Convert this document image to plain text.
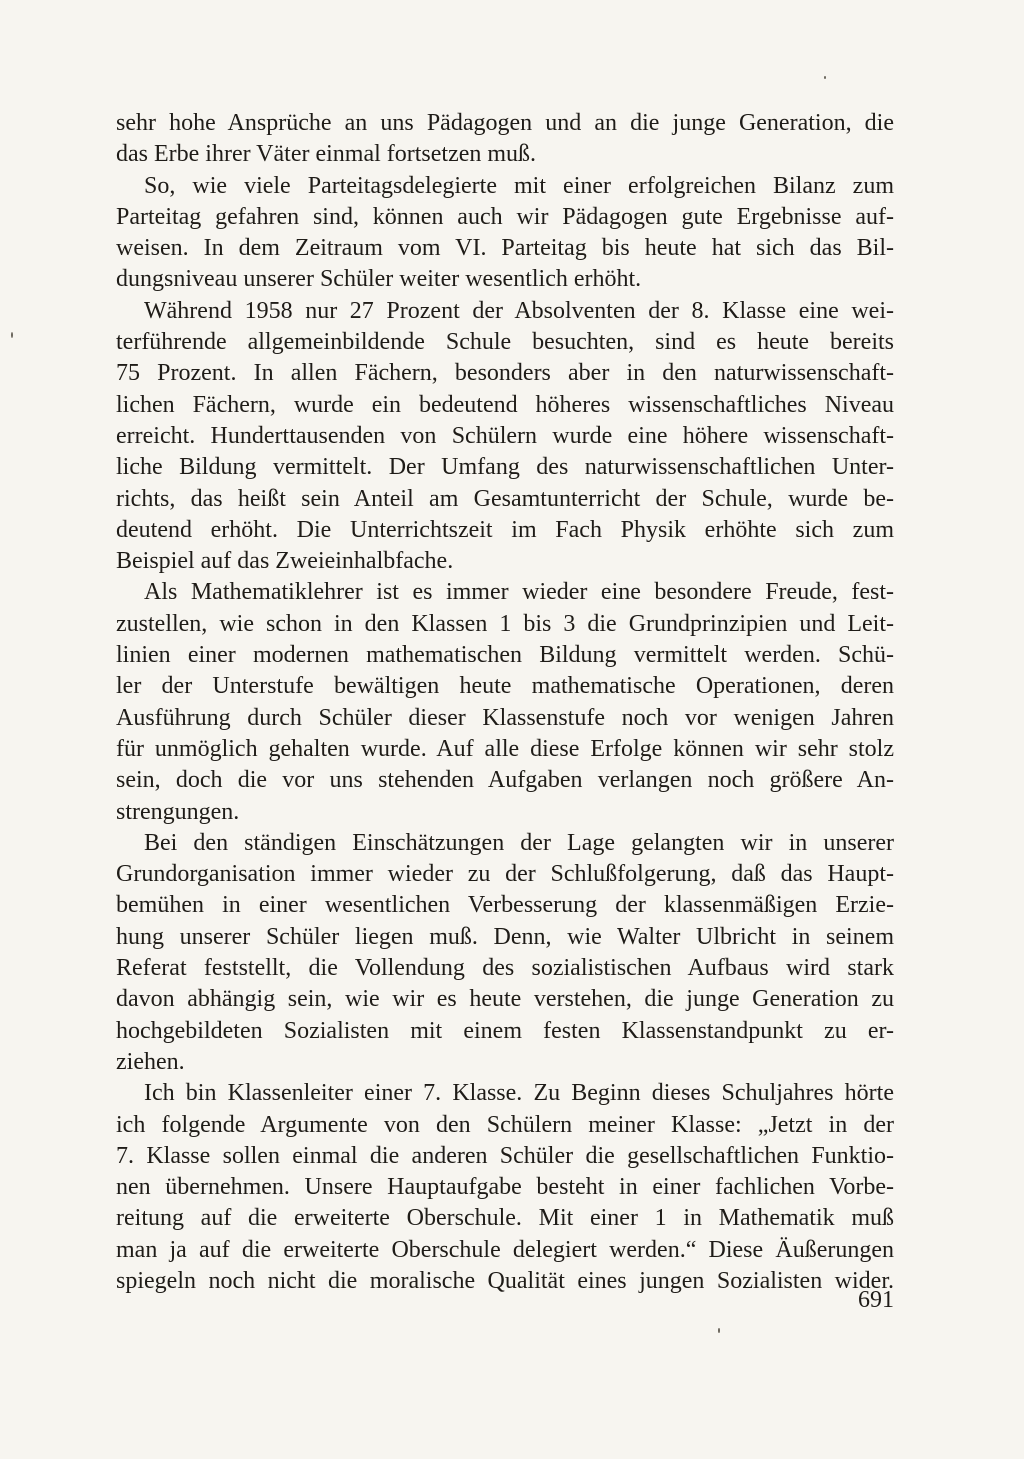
sehr hohe Ansprüche an uns Pädagogen und an die junge Generation, die
das Erbe ihrer Väter einmal fortsetzen muß.
So, wie viele Parteitagsdelegierte mit einer erfolgreichen Bilanz zum
Parteitag gefahren sind, können auch wir Pädagogen gute Ergebnisse auf-
weisen. In dem Zeitraum vom VI. Parteitag bis heute hat sich das Bil-
dungsniveau unserer Schüler weiter wesentlich erhöht.
Während 1958 nur 27 Prozent der Absolventen der 8. Klasse eine wei-
terführende allgemeinbildende Schule besuchten, sind es heute bereits
75 Prozent. In allen Fächern, besonders aber in den naturwissenschaft-
lichen Fächern, wurde ein bedeutend höheres wissenschaftliches Niveau
erreicht. Hunderttausenden von Schülern wurde eine höhere wissenschaft-
liche Bildung vermittelt. Der Umfang des naturwissenschaftlichen Unter-
richts, das heißt sein Anteil am Gesamtunterricht der Schule, wurde be-
deutend erhöht. Die Unterrichtszeit im Fach Physik erhöhte sich zum
Beispiel auf das Zweieinhalbfache.
Als Mathematiklehrer ist es immer wieder eine besondere Freude, fest-
zustellen, wie schon in den Klassen 1 bis 3 die Grundprinzipien und Leit-
linien einer modernen mathematischen Bildung vermittelt werden. Schü-
ler der Unterstufe bewältigen heute mathematische Operationen, deren
Ausführung durch Schüler dieser Klassenstufe noch vor wenigen Jahren
für unmöglich gehalten wurde. Auf alle diese Erfolge können wir sehr stolz
sein, doch die vor uns stehenden Aufgaben verlangen noch größere An-
strengungen.
Bei den ständigen Einschätzungen der Lage gelangten wir in unserer
Grundorganisation immer wieder zu der Schlußfolgerung, daß das Haupt-
bemühen in einer wesentlichen Verbesserung der klassenmäßigen Erzie-
hung unserer Schüler liegen muß. Denn, wie Walter Ulbricht in seinem
Referat feststellt, die Vollendung des sozialistischen Aufbaus wird stark
davon abhängig sein, wie wir es heute verstehen, die junge Generation zu
hochgebildeten Sozialisten mit einem festen Klassenstandpunkt zu er-
ziehen.
Ich bin Klassenleiter einer 7. Klasse. Zu Beginn dieses Schuljahres hörte
ich folgende Argumente von den Schülern meiner Klasse: „Jetzt in der
7. Klasse sollen einmal die anderen Schüler die gesellschaftlichen Funktio-
nen übernehmen. Unsere Hauptaufgabe besteht in einer fachlichen Vorbe-
reitung auf die erweiterte Oberschule. Mit einer 1 in Mathematik muß
man ja auf die erweiterte Oberschule delegiert werden.“ Diese Äußerungen
spiegeln noch nicht die moralische Qualität eines jungen Sozialisten wider.
691
